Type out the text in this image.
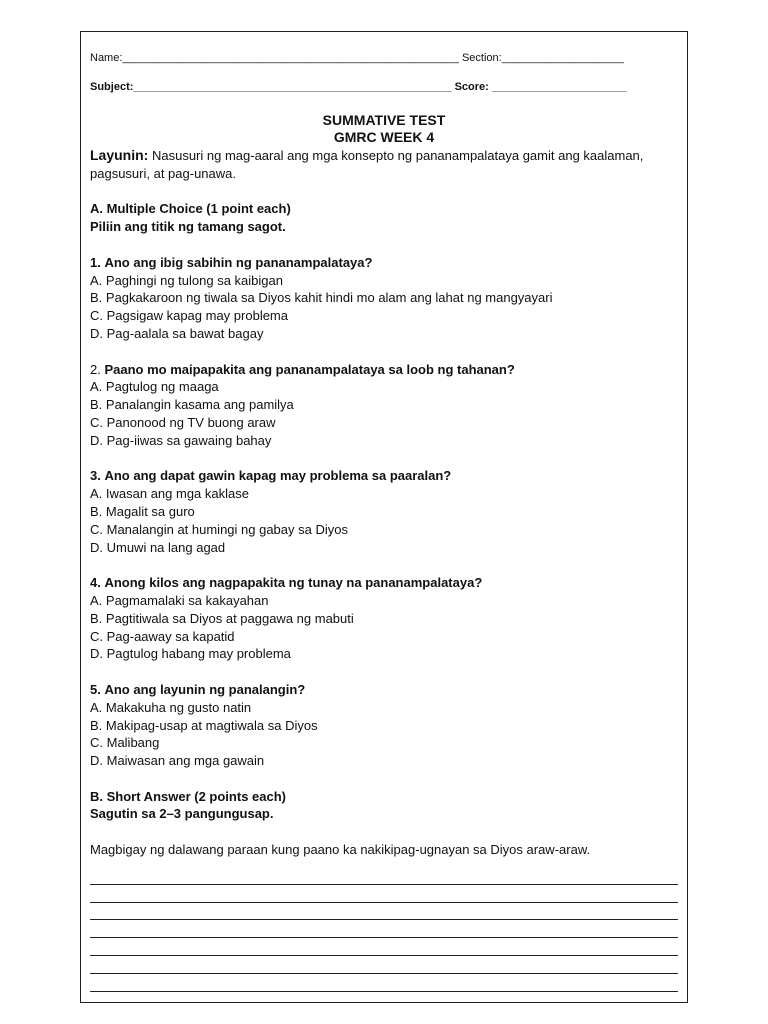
Name:_______________________________________________________ Section:____________________
Subject:____________________________________________________ Score: ______________________
SUMMATIVE TEST
GMRC WEEK 4

Layunin: Nasusuri ng mag-aaral ang mga konsepto ng pananampalataya gamit ang kaalaman, pagsusuri, at pag-unawa.

A. Multiple Choice (1 point each)

Piliin ang titik ng tamang sagot.

1. Ano ang ibig sabihin ng pananampalataya?

A. Paghingi ng tulong sa kaibigan

B. Pagkakaroon ng tiwala sa Diyos kahit hindi mo alam ang lahat ng mangyayari

C. Pagsigaw kapag may problema

D. Pag-aalala sa bawat bagay

2. Paano mo maipapakita ang pananampalataya sa loob ng tahanan?

A. Pagtulog ng maaga

B. Panalangin kasama ang pamilya

C. Panonood ng TV buong araw

D. Pag-iiwas sa gawaing bahay

3. Ano ang dapat gawin kapag may problema sa paaralan?

A. Iwasan ang mga kaklase

B. Magalit sa guro

C. Manalangin at humingi ng gabay sa Diyos

D. Umuwi na lang agad

4. Anong kilos ang nagpapakita ng tunay na pananampalataya?

A. Pagmamalaki sa kakayahan

B. Pagtitiwala sa Diyos at paggawa ng mabuti

C. Pag-aaway sa kapatid

D. Pagtulog habang may problema

5. Ano ang layunin ng panalangin?

A. Makakuha ng gusto natin

B. Makipag-usap at magtiwala sa Diyos

C. Malibang

D. Maiwasan ang mga gawain

B. Short Answer (2 points each)

Sagutin sa 2–3 pangungusap.

Magbigay ng dalawang paraan kung paano ka nakikipag-ugnayan sa Diyos araw-araw.
